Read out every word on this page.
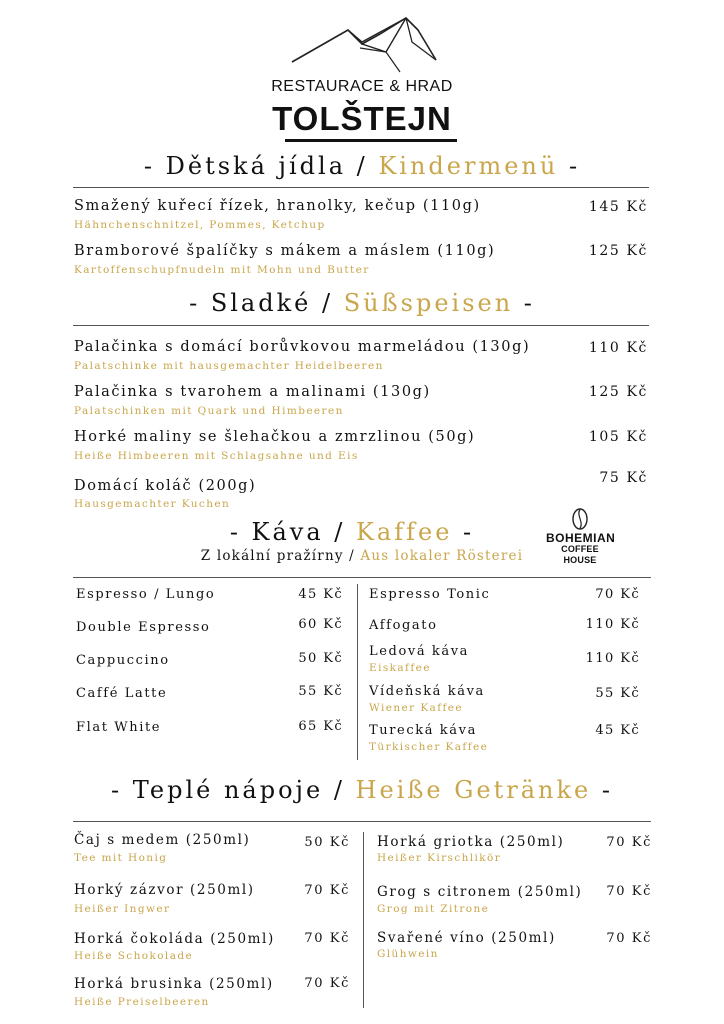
RESTAURACE & HRAD
TOLŠTEJN
- Dětská jídla / Kindermenü -
Smažený kuřecí řízek, hranolky, kečup (110g)
Hähnchenschnitzel, Pommes, Ketchup
145 Kč
Bramborové špalíčky s mákem a máslem (110g)
Kartoffenschupfnudeln mit Mohn und Butter
125 Kč
- Sladké / Süßspeisen -
Palačinka s domácí borůvkovou marmeládou (130g)
Palatschinke mit hausgemachter Heidelbeeren
110 Kč
Palačinka s tvarohem a malinami (130g)
Palatschinken mit Quark und Himbeeren
125 Kč
Horké maliny se šlehačkou a zmrzlinou (50g)
Heiße Himbeeren mit Schlagsahne und Eis
105 Kč
Domácí koláč (200g)
Hausgemachter Kuchen
75 Kč
- Káva / Kaffee -
Z lokální pražírny / Aus lokaler Rösterei
BOHEMIAN
COFFEE HOUSE
Espresso / Lungo	45 Kč
Double Espresso	60 Kč
Cappuccino	50 Kč
Caffé Latte	55 Kč
Flat White	65 Kč
Espresso Tonic	70 Kč
Affogato	110 Kč
Ledová káva
Eiskaffee
110 Kč
Vídeňská káva
Wiener Kaffee
55 Kč
Turecká káva
Türkischer Kaffee
45 Kč
- Teplé nápoje / Heiße Getränke -
Čaj s medem (250ml)
Tee mit Honig
50 Kč
Horký zázvor (250ml)
Heißer Ingwer
70 Kč
Horká čokoláda (250ml)
Heiße Schokolade
70 Kč
Horká brusinka (250ml)
Heiße Preiselbeeren
70 Kč
Horká griotka (250ml)
Heißer Kirschlikör
70 Kč
Grog s citronem (250ml)
Grog mit Zitrone
70 Kč
Svařené víno (250ml)
Glühwein
70 Kč
